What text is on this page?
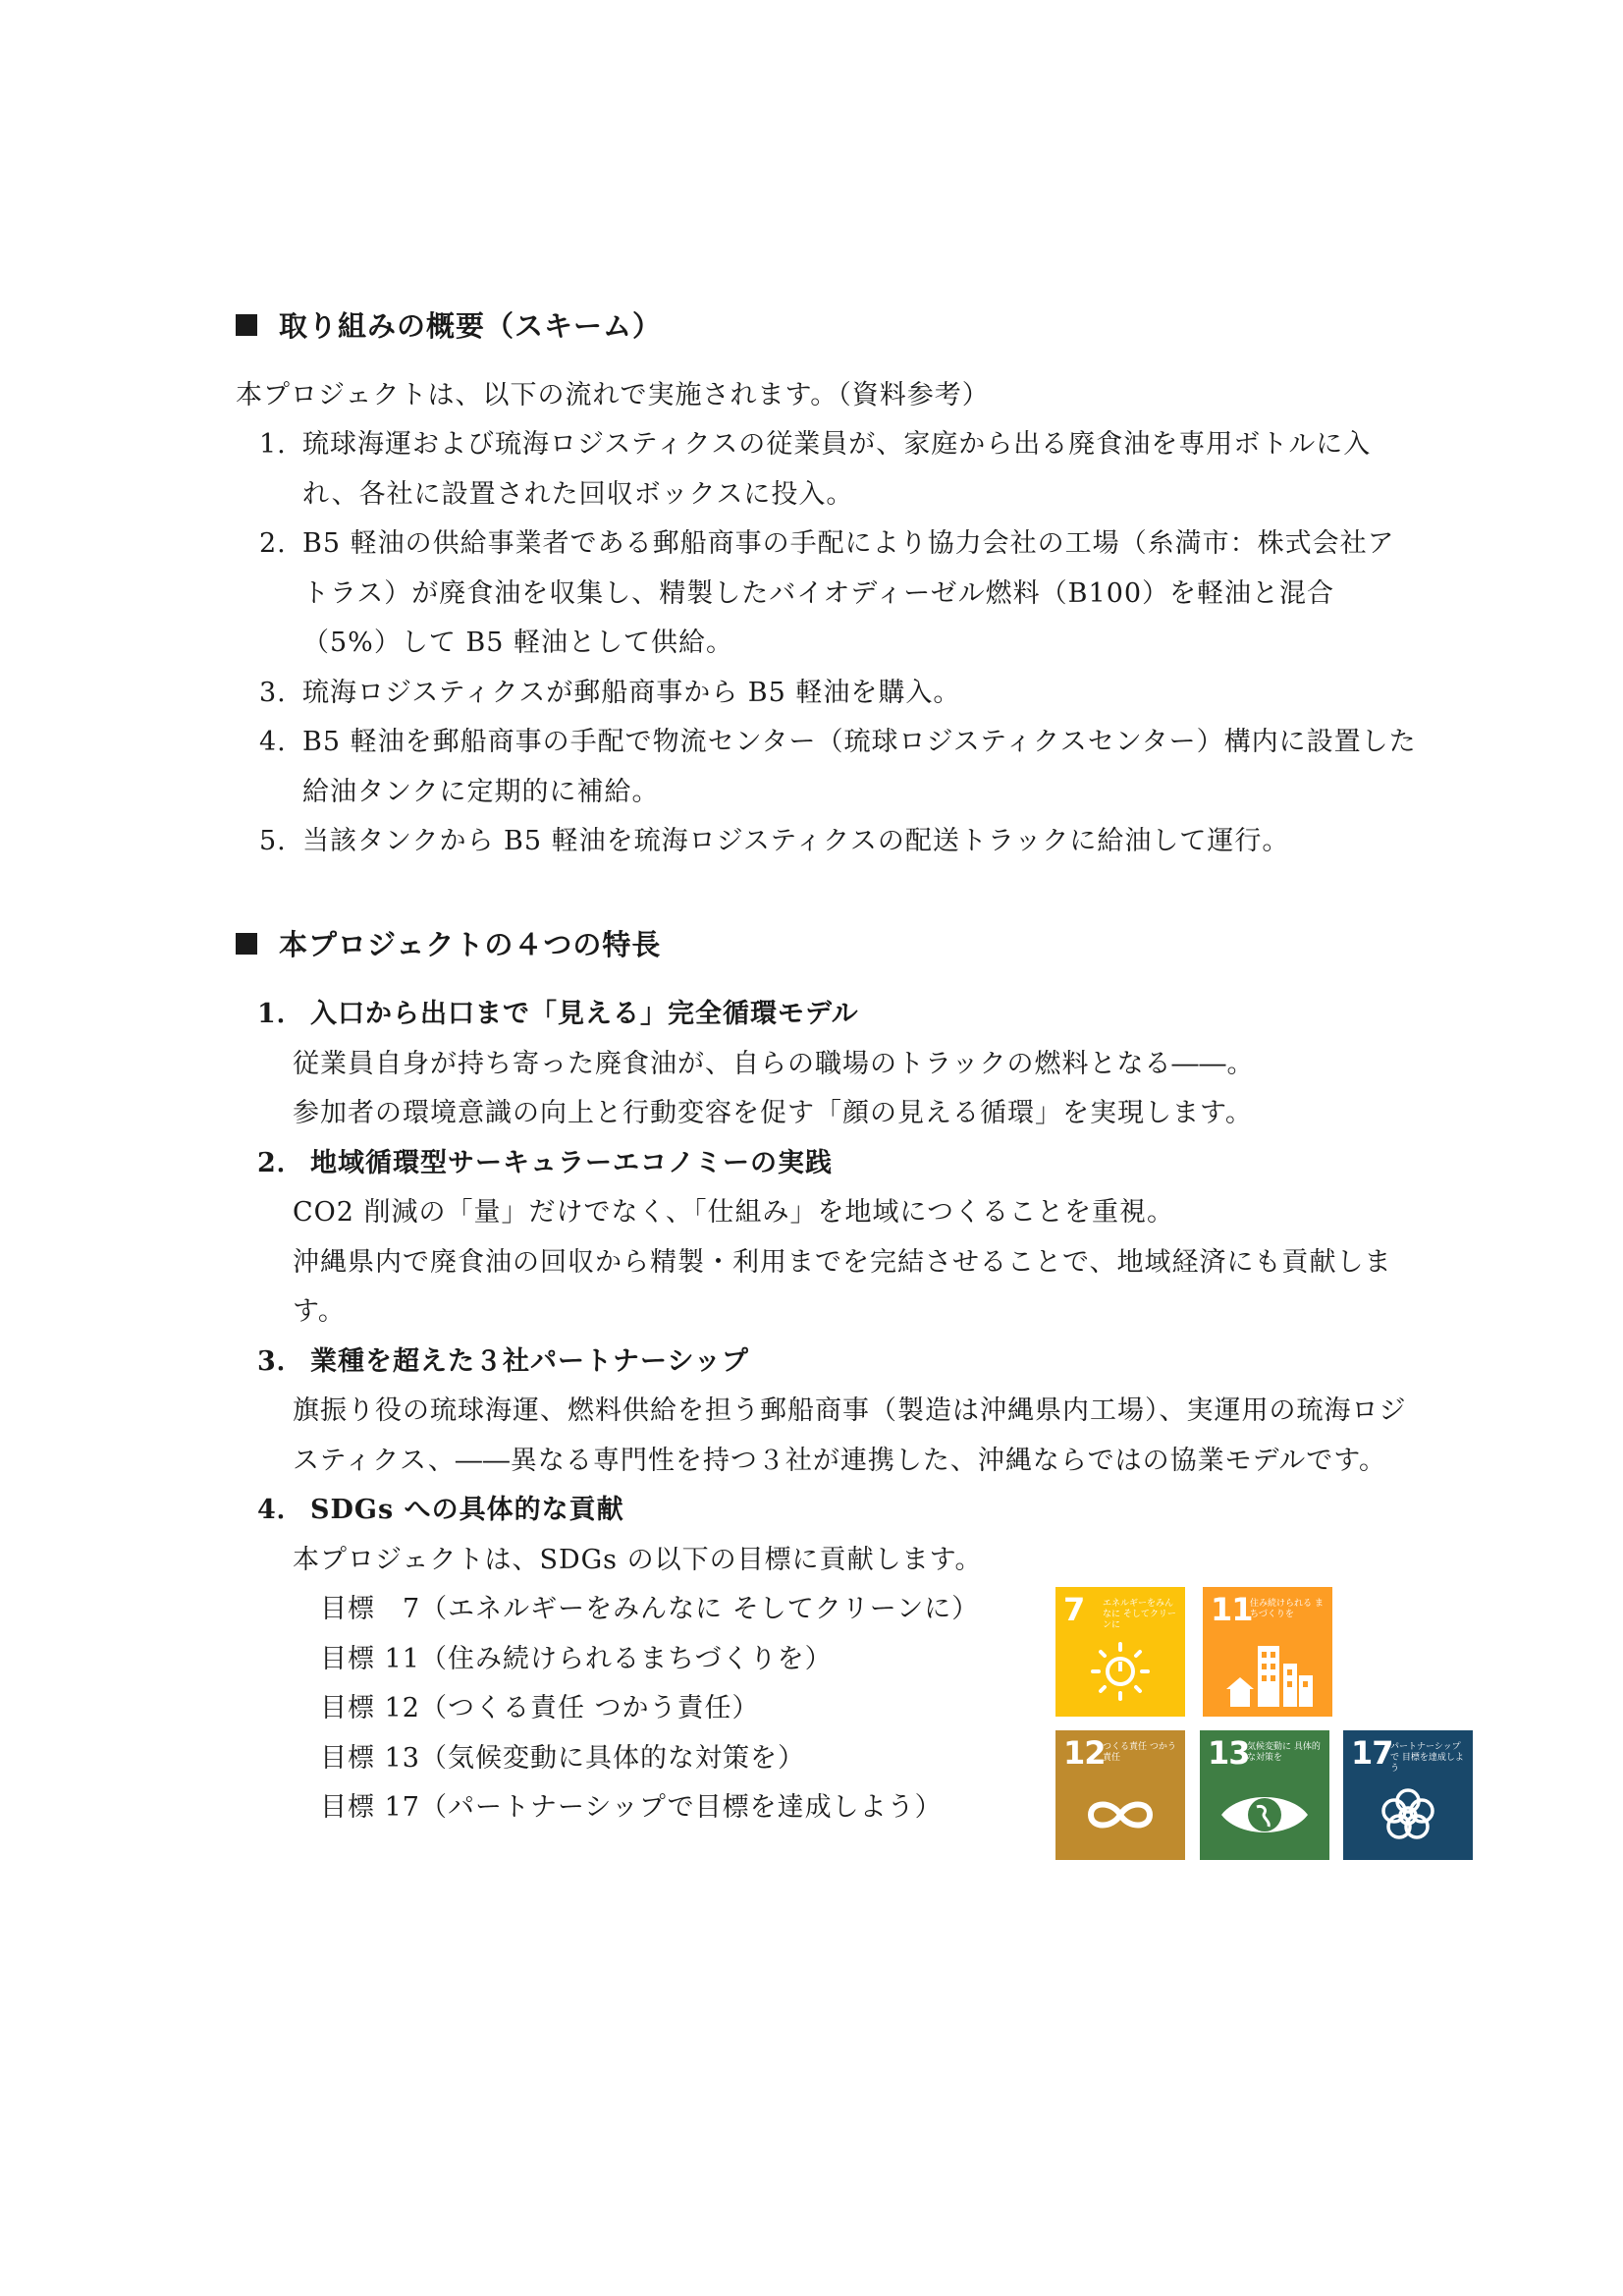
取り組みの概要（スキーム）
本プロジェクトは、以下の流れで実施されます。（資料参考）
1. 琉球海運および琉海ロジスティクスの従業員が、家庭から出る廃食油を専用ボトルに入れ、各社に設置された回収ボックスに投入。
2. B5 軽油の供給事業者である郵船商事の手配により協力会社の工場（糸満市：株式会社アトラス）が廃食油を収集し、精製したバイオディーゼル燃料（B100）を軽油と混合（5%）して B5 軽油として供給。
3. 琉海ロジスティクスが郵船商事から B5 軽油を購入。
4. B5 軽油を郵船商事の手配で物流センター（琉球ロジスティクスセンター）構内に設置した給油タンクに定期的に補給。
5. 当該タンクから B5 軽油を琉海ロジスティクスの配送トラックに給油して運行。
本プロジェクトの４つの特長
1． 入口から出口まで「見える」完全循環モデル
従業員自身が持ち寄った廃食油が、自らの職場のトラックの燃料となる――。
参加者の環境意識の向上と行動変容を促す「顔の見える循環」を実現します。
2． 地域循環型サーキュラーエコノミーの実践
CO2 削減の「量」だけでなく、「仕組み」を地域につくることを重視。
沖縄県内で廃食油の回収から精製・利用までを完結させることで、地域経済にも貢献します。
3． 業種を超えた３社パートナーシップ
旗振り役の琉球海運、燃料供給を担う郵船商事（製造は沖縄県内工場）、実運用の琉海ロジスティクス、――異なる専門性を持つ３社が連携した、沖縄ならではの協業モデルです。
4． SDGs への具体的な貢献
本プロジェクトは、SDGs の以下の目標に貢献します。
目標　7（エネルギーをみんなに そしてクリーンに）
目標 11（住み続けられるまちづくりを）
目標 12（つくる責任 つかう責任）
目標 13（気候変動に具体的な対策を）
目標 17（パートナーシップで目標を達成しよう）
7 エネルギーをみんなに そしてクリーンに	11
住み続けられる まちづくりを
12
つくる責任 つかう責任	13
気候変動に 具体的な対策を	17
パートナーシップで 目標を達成しよう
